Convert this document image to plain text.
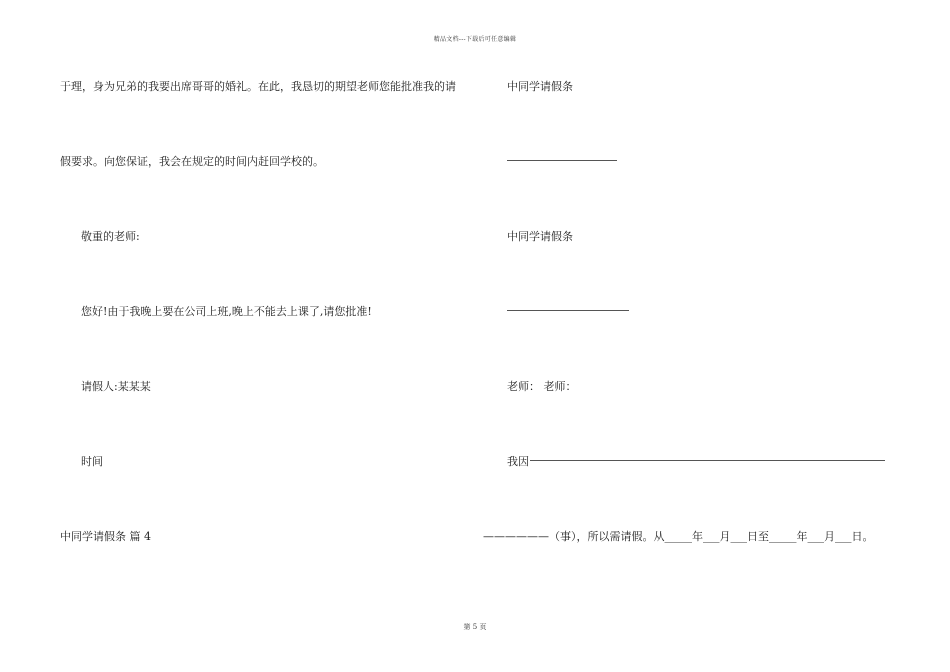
精品文档---下载后可任意编辑
于理，身为兄弟的我要出席哥哥的婚礼。在此，我恳切的期望老师您能批准我的请
假要求。向您保证，我会在规定的时间内赶回学校的。
敬重的老师:
您好!由于我晚上要在公司上班,晚上不能去上课了,请您批准!
请假人:某某某
时间
中同学请假条 篇 4
中同学请假条
中同学请假条
老师： 老师：
我因
——————（事），所以需请假。从_____年___月___日至_____年___月___日。
第 5 页
